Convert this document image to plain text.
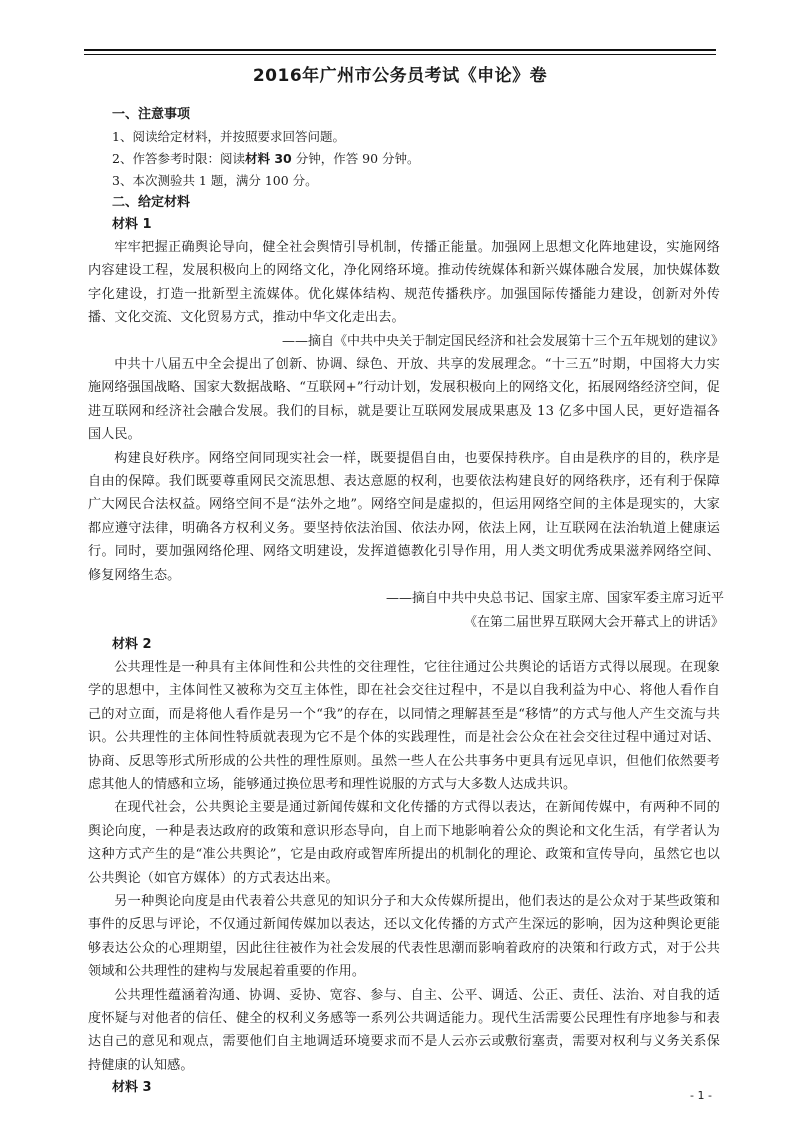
2016年广州市公务员考试《申论》卷
一、注意事项
1、阅读给定材料，并按照要求回答问题。
2、作答参考时限：阅读材料 30 分钟，作答 90 分钟。
3、本次测验共 1 题，满分 100 分。
二、给定材料
材料 1
牢牢把握正确舆论导向，健全社会舆情引导机制，传播正能量。加强网上思想文化阵地建设，实施网络内容建设工程，发展积极向上的网络文化，净化网络环境。推动传统媒体和新兴媒体融合发展，加快媒体数字化建设，打造一批新型主流媒体。优化媒体结构、规范传播秩序。加强国际传播能力建设，创新对外传播、文化交流、文化贸易方式，推动中华文化走出去。
——摘自《中共中央关于制定国民经济和社会发展第十三个五年规划的建议》
中共十八届五中全会提出了创新、协调、绿色、开放、共享的发展理念。“十三五”时期，中国将大力实施网络强国战略、国家大数据战略、“互联网+”行动计划，发展积极向上的网络文化，拓展网络经济空间，促进互联网和经济社会融合发展。我们的目标，就是要让互联网发展成果惠及 13 亿多中国人民，更好造福各国人民。
构建良好秩序。网络空间同现实社会一样，既要提倡自由，也要保持秩序。自由是秩序的目的，秩序是自由的保障。我们既要尊重网民交流思想、表达意愿的权利，也要依法构建良好的网络秩序，还有利于保障广大网民合法权益。网络空间不是“法外之地”。网络空间是虚拟的，但运用网络空间的主体是现实的，大家都应遵守法律，明确各方权利义务。要坚持依法治国、依法办网，依法上网，让互联网在法治轨道上健康运行。同时，要加强网络伦理、网络文明建设，发挥道德教化引导作用，用人类文明优秀成果滋养网络空间、修复网络生态。
——摘自中共中央总书记、国家主席、国家军委主席习近平
《在第二届世界互联网大会开幕式上的讲话》
材料 2
公共理性是一种具有主体间性和公共性的交往理性，它往往通过公共舆论的话语方式得以展现。在现象学的思想中，主体间性又被称为交互主体性，即在社会交往过程中，不是以自我利益为中心、将他人看作自己的对立面，而是将他人看作是另一个“我”的存在，以同情之理解甚至是“移情”的方式与他人产生交流与共识。公共理性的主体间性特质就表现为它不是个体的实践理性，而是社会公众在社会交往过程中通过对话、协商、反思等形式所形成的公共性的理性原则。虽然一些人在公共事务中更具有远见卓识，但他们依然要考虑其他人的情感和立场，能够通过换位思考和理性说服的方式与大多数人达成共识。
在现代社会，公共舆论主要是通过新闻传媒和文化传播的方式得以表达，在新闻传媒中，有两种不同的舆论向度，一种是表达政府的政策和意识形态导向，自上而下地影响着公众的舆论和文化生活，有学者认为这种方式产生的是“准公共舆论”，它是由政府或智库所提出的机制化的理论、政策和宣传导向，虽然它也以公共舆论（如官方媒体）的方式表达出来。
另一种舆论向度是由代表着公共意见的知识分子和大众传媒所提出，他们表达的是公众对于某些政策和事件的反思与评论，不仅通过新闻传媒加以表达，还以文化传播的方式产生深远的影响，因为这种舆论更能够表达公众的心理期望，因此往往被作为社会发展的代表性思潮而影响着政府的决策和行政方式，对于公共领域和公共理性的建构与发展起着重要的作用。
公共理性蕴涵着沟通、协调、妥协、宽容、参与、自主、公平、调适、公正、责任、法治、对自我的适度怀疑与对他者的信任、健全的权利义务感等一系列公共调适能力。现代生活需要公民理性有序地参与和表达自己的意见和观点，需要他们自主地调适环境要求而不是人云亦云或敷衍塞责，需要对权利与义务关系保持健康的认知感。
材料 3
- 1 -
